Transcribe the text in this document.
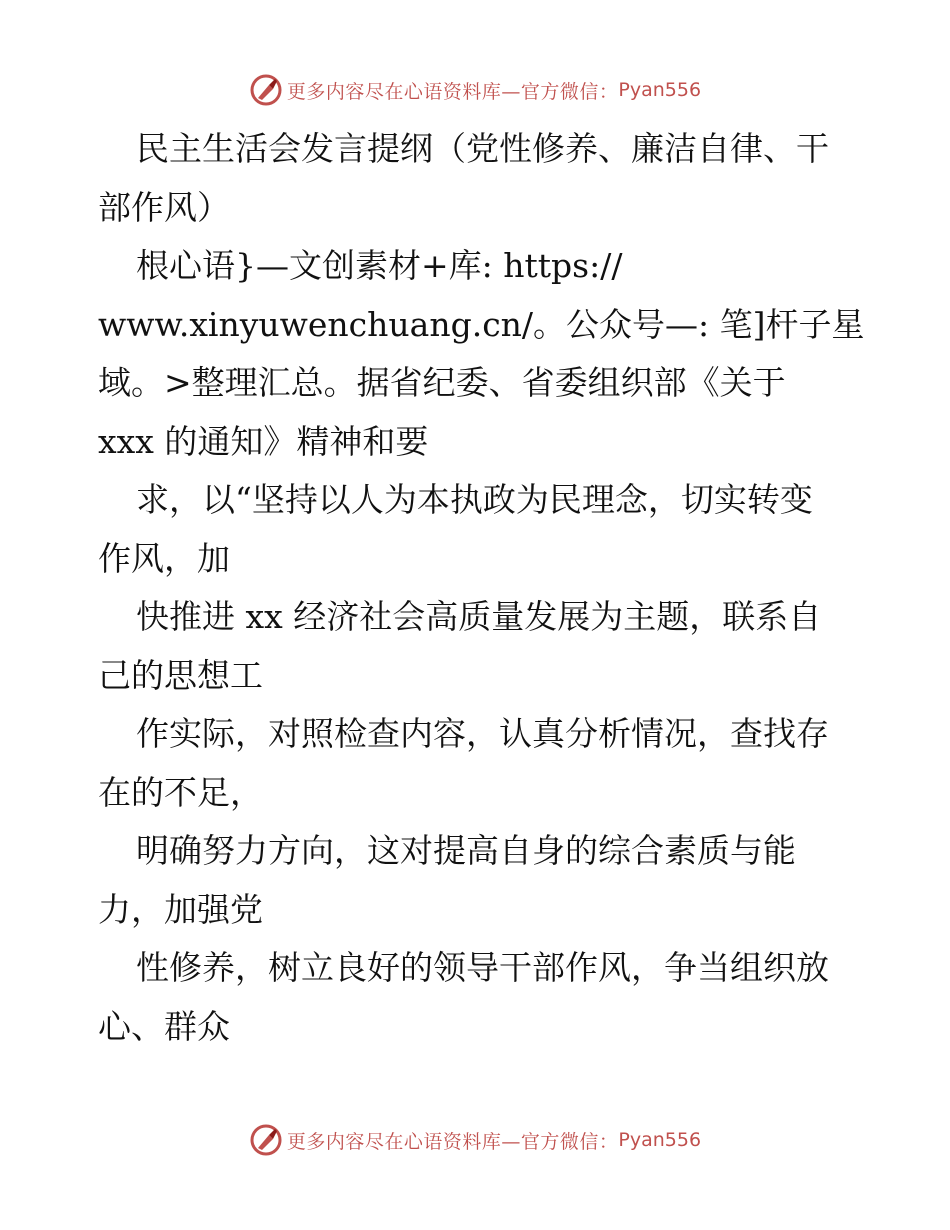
更多内容尽在心语资料库—官方微信： Pyan556
民主生活会发言提纲（党性修养、廉洁自律、干
部作风）
根心语}—文创素材+库: https://
www.xinyuwenchuang.cn/。公众号—: 笔]杆子星
域。>整理汇总。据省纪委、省委组织部《关于
xxx 的通知》精神和要
求，以“坚持以人为本执政为民理念，切实转变
作风，加
快推进 xx 经济社会高质量发展为主题，联系自
己的思想工
作实际，对照检查内容，认真分析情况，查找存
在的不足，
明确努力方向，这对提高自身的综合素质与能
力，加强党
性修养，树立良好的领导干部作风，争当组织放
心、群众
更多内容尽在心语资料库—官方微信： Pyan556
